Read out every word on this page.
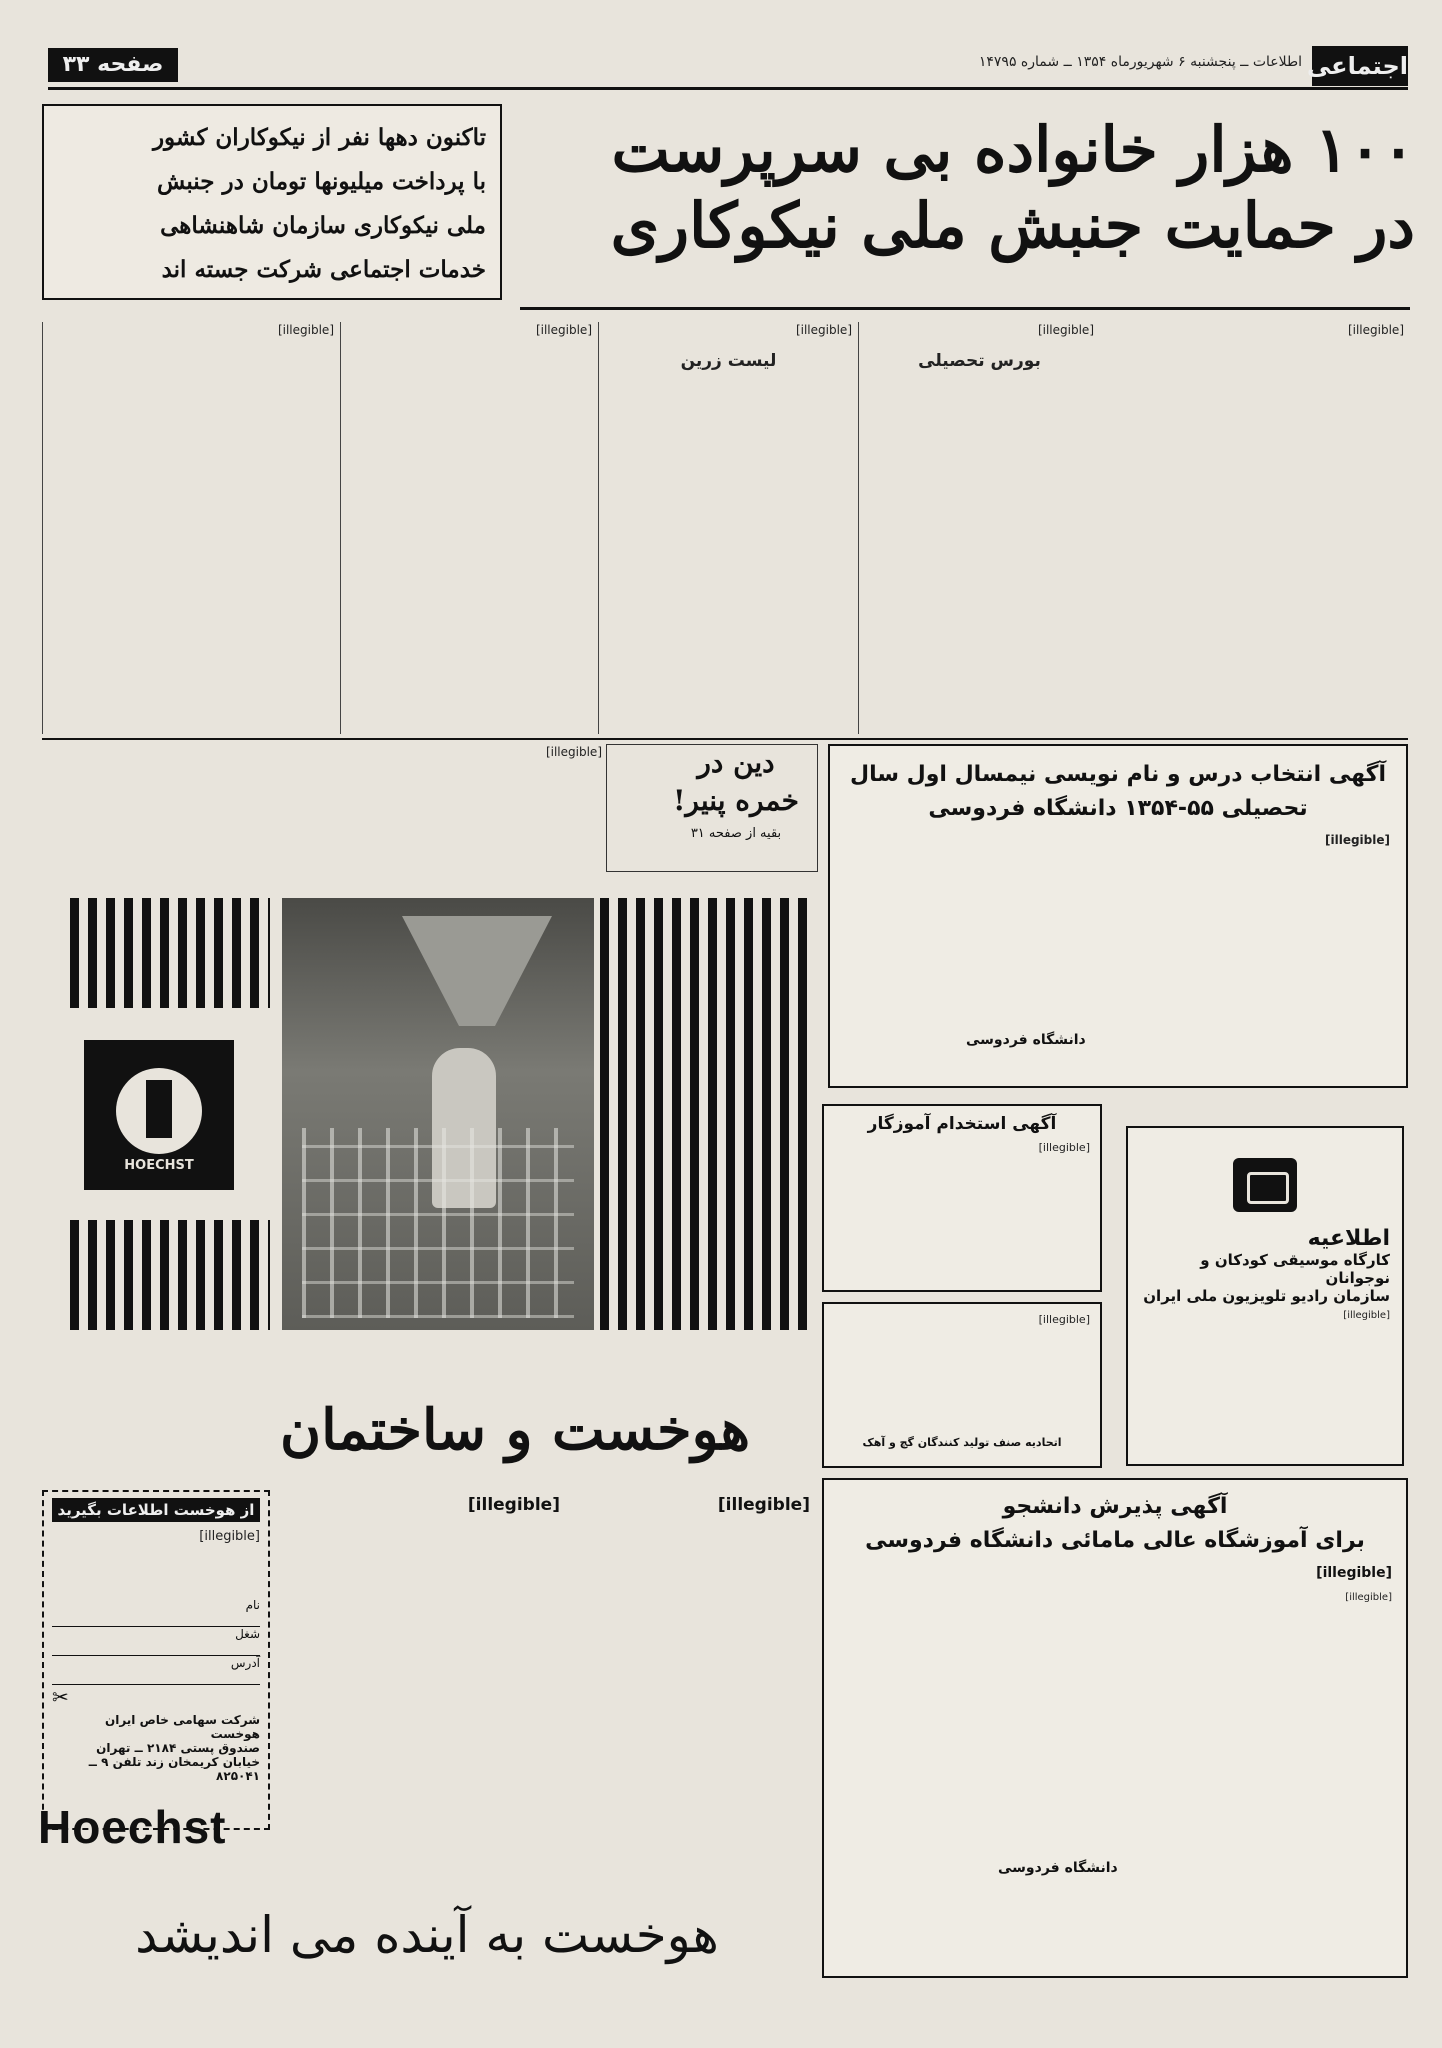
صفحه ۳۳	اجتماعی
اطلاعات ــ پنجشنبه ۶ شهریورماه ۱۳۵۴ ــ شماره ۱۴۷۹۵
۱۰۰ هزار خانواده بی سرپرست
در حمایت جنبش ملی نیکوکاری
تاکنون دهها نفر از نیکوکاران کشور
با پرداخت میلیونها تومان در جنبش
ملی نیکوکاری سازمان شاهنشاهی
خدمات اجتماعی شرکت جسته اند
[illegible]
[illegible]
بورس تحصیلی
[illegible]
لیست زرین
[illegible]
[illegible]
[illegible]	دین در
خمره پنیر!
بقیه از صفحه ۳۱
آگهی انتخاب درس و نام نویسی نیمسال اول سال
تحصیلی ۵۵-۱۳۵۴ دانشگاه فردوسی
[illegible]
دانشگاه فردوسی
HOECHST
هوخست و ساختمان
از هوخست اطلاعات بگیرید
[illegible]
نام
شغل
آدرس
✂
شرکت سهامی خاص ایران هوخست
صندوق پستی ۲۱۸۴ ــ تهران
خیابان کریمخان زند تلفن ۹ ــ ۸۲۵۰۴۱
Hoechst
[illegible]
[illegible]
هوخست به آینده می اندیشد
آگهی استخدام آموزگار
[illegible]
[illegible]
اتحادیه صنف تولید کنندگان گچ و آهک
اطلاعیه
کارگاه موسیقی کودکان و نوجوانان
سازمان رادیو تلویزیون ملی ایران
[illegible]
آگهی پذیرش دانشجو
برای آموزشگاه عالی مامائی دانشگاه فردوسی
[illegible]
[illegible]
دانشگاه فردوسی
